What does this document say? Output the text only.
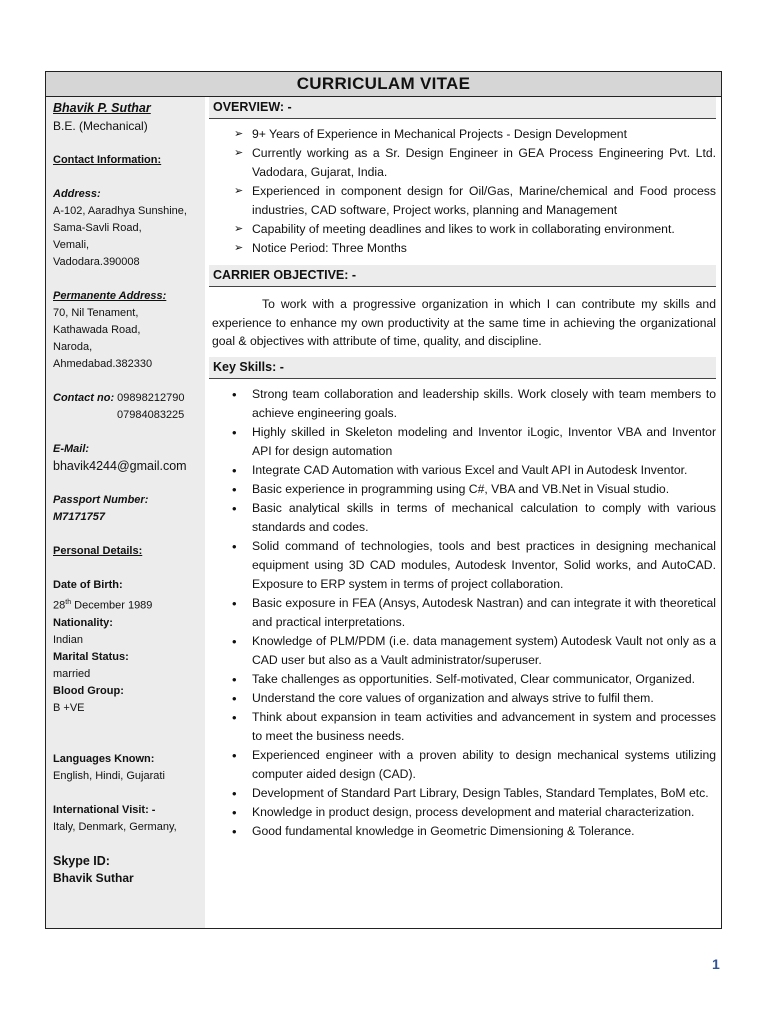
CURRICULAM VITAE

Bhavik P. Suthar

B.E. (Mechanical)

Contact Information:

Address:

A-102, Aaradhya Sunshine,

Sama-Savli Road,

Vemali,

Vadodara.390008

Permanente Address:

70, Nil Tenament,

Kathawada Road,

Naroda,

Ahmedabad.382330

Contact no: 09898212790

07984083225

E-Mail:

bhavik4244@gmail.com

Passport Number:

M7171757

Personal Details:

Date of Birth:

28th December 1989

Nationality:

Indian

Marital Status:

married

Blood Group:

B +VE

Languages Known:

English, Hindi, Gujarati

International Visit: -

Italy, Denmark, Germany,

Skype ID:

Bhavik Suthar

OVERVIEW: -
➢ 9+ Years of Experience in Mechanical Projects - Design Development
➢ Currently working as a Sr. Design Engineer in GEA Process Engineering Pvt. Ltd. Vadodara, Gujarat, India.
➢ Experienced in component design for Oil/Gas, Marine/chemical and Food process industries, CAD software, Project works, planning and Management
➢ Capability of meeting deadlines and likes to work in collaborating environment.
➢ Notice Period: Three Months
CARRIER OBJECTIVE: -

To work with a progressive organization in which I can contribute my skills and experience to enhance my own productivity at the same time in achieving the organizational goal & objectives with attribute of time, quality, and discipline.

Key Skills: -
• Strong team collaboration and leadership skills. Work closely with team members to achieve engineering goals.
• Highly skilled in Skeleton modeling and Inventor iLogic, Inventor VBA and Inventor API for design automation
• Integrate CAD Automation with various Excel and Vault API in Autodesk Inventor.
• Basic experience in programming using C#, VBA and VB.Net in Visual studio.
• Basic analytical skills in terms of mechanical calculation to comply with various standards and codes.
• Solid command of technologies, tools and best practices in designing mechanical equipment using 3D CAD modules, Autodesk Inventor, Solid works, and AutoCAD. Exposure to ERP system in terms of project collaboration.
• Basic exposure in FEA (Ansys, Autodesk Nastran) and can integrate it with theoretical and practical interpretations.
• Knowledge of PLM/PDM (i.e. data management system) Autodesk Vault not only as a CAD user but also as a Vault administrator/superuser.
• Take challenges as opportunities. Self-motivated, Clear communicator, Organized.
• Understand the core values of organization and always strive to fulfil them.
• Think about expansion in team activities and advancement in system and processes to meet the business needs.
• Experienced engineer with a proven ability to design mechanical systems utilizing computer aided design (CAD).
• Development of Standard Part Library, Design Tables, Standard Templates, BoM etc.
• Knowledge in product design, process development and material characterization.
• Good fundamental knowledge in Geometric Dimensioning & Tolerance.
1
